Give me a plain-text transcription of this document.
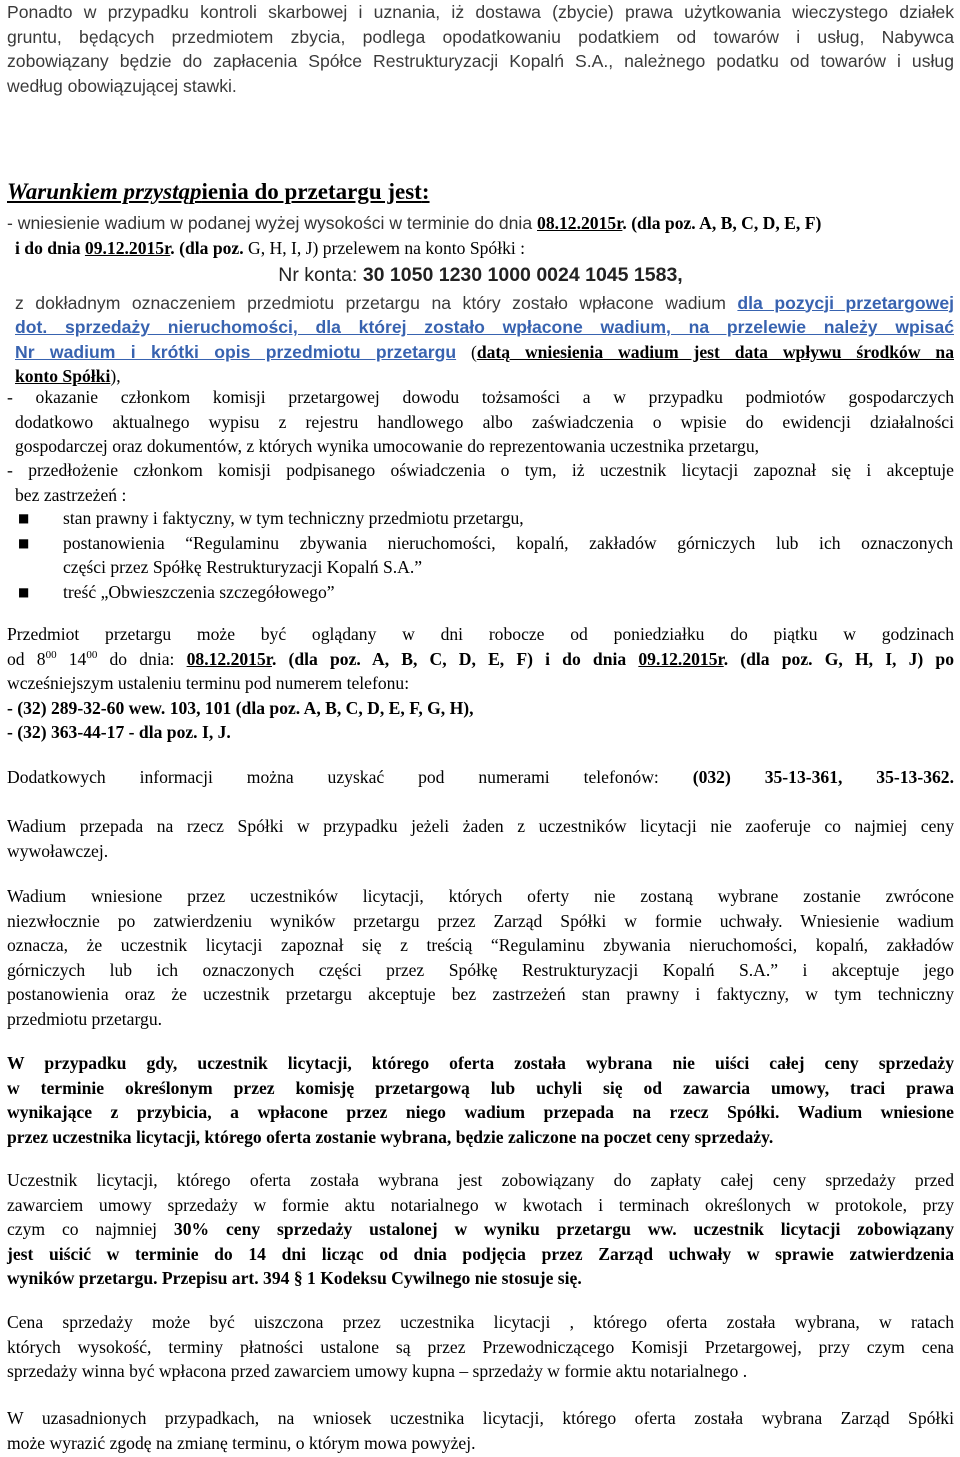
Ponadto w przypadku kontroli skarbowej i uznania, iż dostawa (zbycie) prawa użytkowania wieczystego działek
gruntu, będących przedmiotem zbycia, podlega opodatkowaniu podatkiem od towarów i usług, Nabywca
zobowiązany będzie do zapłacenia Spółce Restrukturyzacji Kopalń S.A., należnego podatku od towarów i usług
według obowiązującej stawki.
Warunkiem przystąpienia do przetargu jest:
- wniesienie wadium w podanej wyżej wysokości w terminie do dnia 08.12.2015r. (dla poz. A, B, C, D, E, F)
i do dnia 09.12.2015r. (dla poz. G, H, I, J) przelewem na konto Spółki :
Nr konta: 30 1050 1230 1000 0024 1045 1583,
z dokładnym oznaczeniem przedmiotu przetargu na który zostało wpłacone wadium dla pozycji przetargowej
dot. sprzedaży nieruchomości, dla której zostało wpłacone wadium, na przelewie należy wpisać
Nr wadium i krótki opis przedmiotu przetargu (datą wniesienia wadium jest data wpływu środków na
konto Spółki),
- okazanie członkom komisji przetargowej dowodu tożsamości a w przypadku podmiotów gospodarczych
dodatkowo aktualnego wypisu z rejestru handlowego albo zaświadczenia o wpisie do ewidencji działalności
gospodarczej oraz dokumentów, z których wynika umocowanie do reprezentowania uczestnika przetargu,
- przedłożenie członkom komisji podpisanego oświadczenia o tym, iż uczestnik licytacji zapoznał się i akceptuje
bez zastrzeżeń :
■ stan prawny i faktyczny, w tym techniczny przedmiotu przetargu,
■ postanowienia “Regulaminu zbywania nieruchomości, kopalń, zakładów górniczych lub ich oznaczonych
części przez Spółkę Restrukturyzacji Kopalń S.A.”
■ treść „Obwieszczenia szczegółowego”
Przedmiot przetargu może być oglądany w dni robocze od poniedziałku do piątku w godzinach
od $8^{00}$ $14^{00}$ do dnia: 08.12.2015r. (dla poz. A, B, C, D, E, F) i do dnia 09.12.2015r. (dla poz. G, H, I, J) po
wcześniejszym ustaleniu terminu pod numerem telefonu:
- (32) 289-32-60 wew. 103, 101 (dla poz. A, B, C, D, E, F, G, H),
- (32) 363-44-17 - dla poz. I, J.
Dodatkowych informacji można uzyskać pod numerami telefonów: (032) 35-13-361, 35-13-362.
Wadium przepada na rzecz Spółki w przypadku jeżeli żaden z uczestników licytacji nie zaoferuje co najmiej ceny
wywoławczej.
Wadium wniesione przez uczestników licytacji, których oferty nie zostaną wybrane zostanie zwrócone
niezwłocznie po zatwierdzeniu wyników przetargu przez Zarząd Spółki w formie uchwały. Wniesienie wadium
oznacza, że uczestnik licytacji zapoznał się z treścią “Regulaminu zbywania nieruchomości, kopalń, zakładów
górniczych lub ich oznaczonych części przez Spółkę Restrukturyzacji Kopalń S.A.” i akceptuje jego
postanowienia oraz że uczestnik przetargu akceptuje bez zastrzeżeń stan prawny i faktyczny, w tym techniczny
przedmiotu przetargu.
W przypadku gdy, uczestnik licytacji, którego oferta została wybrana nie uiści całej ceny sprzedaży
w terminie określonym przez komisję przetargową lub uchyli się od zawarcia umowy, traci prawa
wynikające z przybicia, a wpłacone przez niego wadium przepada na rzecz Spółki. Wadium wniesione
przez uczestnika licytacji, którego oferta zostanie wybrana, będzie zaliczone na poczet ceny sprzedaży.
Uczestnik licytacji, którego oferta została wybrana jest zobowiązany do zapłaty całej ceny sprzedaży przed
zawarciem umowy sprzedaży w formie aktu notarialnego w kwotach i terminach określonych w protokole, przy
czym co najmniej 30% ceny sprzedaży ustalonej w wyniku przetargu ww. uczestnik licytacji zobowiązany
jest uiścić w terminie do 14 dni licząc od dnia podjęcia przez Zarząd uchwały w sprawie zatwierdzenia
wyników przetargu. Przepisu art. 394 § 1 Kodeksu Cywilnego nie stosuje się.
Cena sprzedaży może być uiszczona przez uczestnika licytacji , którego oferta została wybrana, w ratach
których wysokość, terminy płatności ustalone są przez Przewodniczącego Komisji Przetargowej, przy czym cena
sprzedaży winna być wpłacona przed zawarciem umowy kupna – sprzedaży w formie aktu notarialnego .
W uzasadnionych przypadkach, na wniosek uczestnika licytacji, którego oferta została wybrana Zarząd Spółki
może wyrazić zgodę na zmianę terminu, o którym mowa powyżej.
